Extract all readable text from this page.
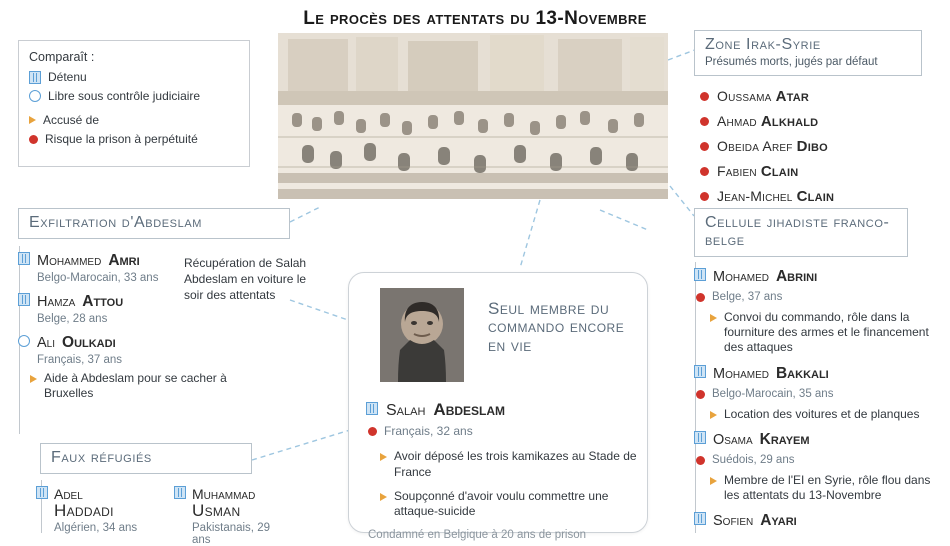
Le procès des attentats du 13-Novembre
Comparaît :
Détenu
Libre sous contrôle judiciaire
Accusé de
Risque la prison à perpétuité
Zone Irak-Syrie
Présumés morts, jugés par défaut
Oussama Atar
Ahmad Alkhald
Obeida Aref Dibo
Fabien Clain
Jean-Michel Clain
Exfiltration d'Abdeslam
Mohammed Amri
Belgo-Marocain, 33 ans
Hamza Attou
Belge, 28 ans
Ali Oulkadi
Français, 37 ans
Aide à Abdeslam pour se cacher à Bruxelles
Récupération de Salah Abdeslam en voiture le soir des attentats
Faux réfugiés
Adel
Haddadi
Algérien, 34 ans
Muhammad
Usman
Pakistanais, 29 ans
Seul membre du commando encore en vie
Salah Abdeslam
Français, 32 ans
Avoir déposé les trois kamikazes au Stade de France
Soupçonné d'avoir voulu commettre une attaque-suicide
Condamné en Belgique à 20 ans de prison
Cellule jihadiste franco-belge
Mohamed Abrini
Belge, 37 ans
Convoi du commando, rôle dans la fourniture des armes et le financement des attaques
Mohamed Bakkali
Belgo-Marocain, 35 ans
Location des voitures et de planques
Osama Krayem
Suédois, 29 ans
Membre de l'EI en Syrie, rôle flou dans les attentats du 13-Novembre
Sofien Ayari
